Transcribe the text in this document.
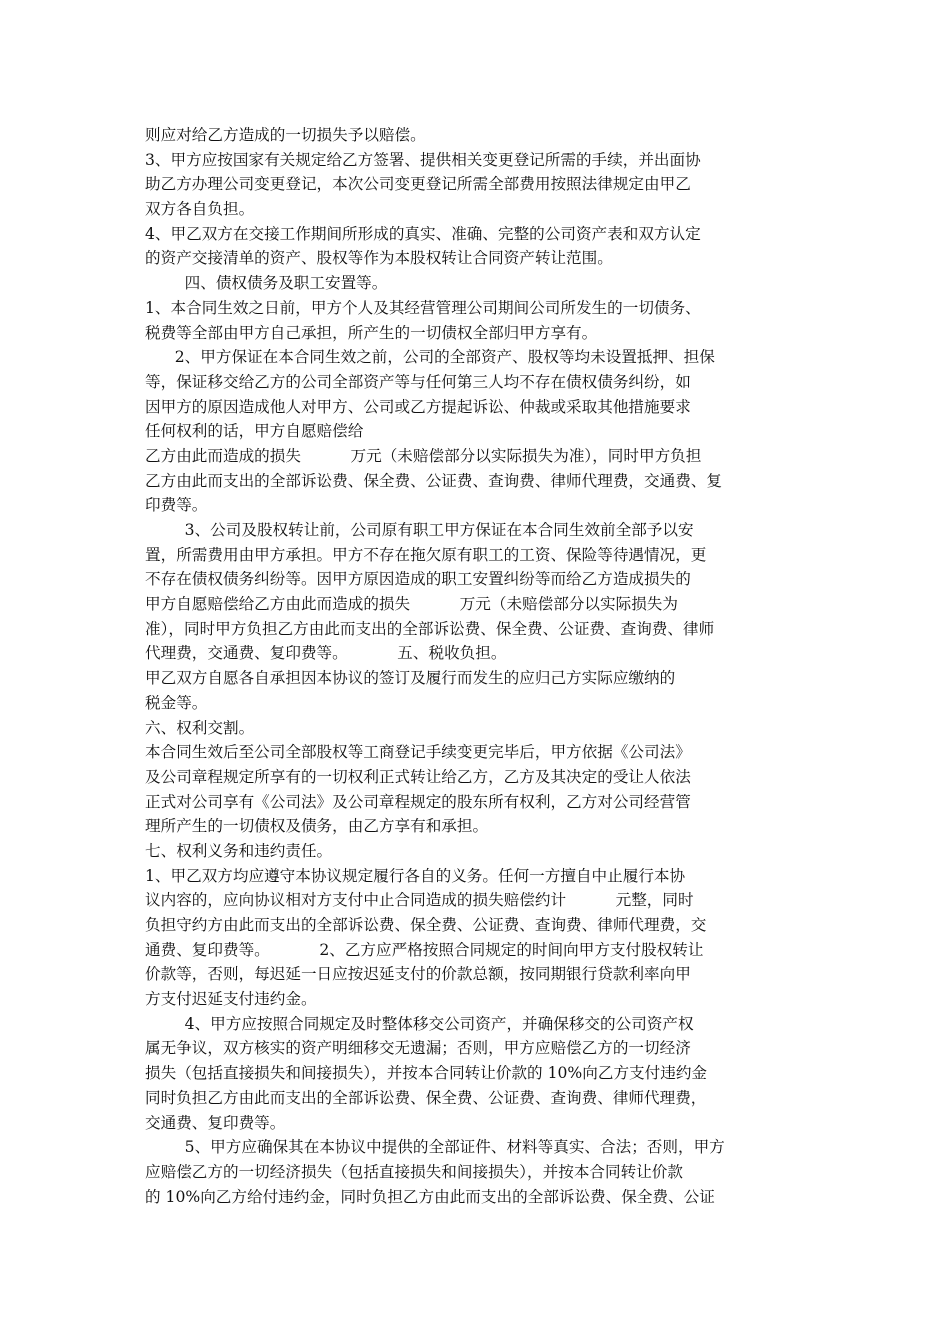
则应对给乙方造成的一切损失予以赔偿。
3、甲方应按国家有关规定给乙方签署、提供相关变更登记所需的手续，并出面协
助乙方办理公司变更登记，本次公司变更登记所需全部费用按照法律规定由甲乙
双方各自负担。
4、甲乙双方在交接工作期间所形成的真实、准确、完整的公司资产表和双方认定
的资产交接清单的资产、股权等作为本股权转让合同资产转让范围。
四、债权债务及职工安置等。
1、本合同生效之日前，甲方个人及其经营管理公司期间公司所发生的一切债务、
税费等全部由甲方自己承担，所产生的一切债权全部归甲方享有。
2、甲方保证在本合同生效之前，公司的全部资产、股权等均未设置抵押、担保
等，保证移交给乙方的公司全部资产等与任何第三人均不存在债权债务纠纷，如
因甲方的原因造成他人对甲方、公司或乙方提起诉讼、仲裁或采取其他措施要求
任何权利的话，甲方自愿赔偿给
乙方由此而造成的损失          万元（未赔偿部分以实际损失为准），同时甲方负担
乙方由此而支出的全部诉讼费、保全费、公证费、查询费、律师代理费，交通费、复
印费等。
3、公司及股权转让前，公司原有职工甲方保证在本合同生效前全部予以安
置，所需费用由甲方承担。甲方不存在拖欠原有职工的工资、保险等待遇情况，更
不存在债权债务纠纷等。因甲方原因造成的职工安置纠纷等而给乙方造成损失的
甲方自愿赔偿给乙方由此而造成的损失          万元（未赔偿部分以实际损失为
准），同时甲方负担乙方由此而支出的全部诉讼费、保全费、公证费、查询费、律师
代理费，交通费、复印费等。          五、税收负担。
甲乙双方自愿各自承担因本协议的签订及履行而发生的应归己方实际应缴纳的
税金等。
六、权利交割。
本合同生效后至公司全部股权等工商登记手续变更完毕后，甲方依据《公司法》
及公司章程规定所享有的一切权利正式转让给乙方，乙方及其决定的受让人依法
正式对公司享有《公司法》及公司章程规定的股东所有权利，乙方对公司经营管
理所产生的一切债权及债务，由乙方享有和承担。
七、权利义务和违约责任。
1、甲乙双方均应遵守本协议规定履行各自的义务。任何一方擅自中止履行本协
议内容的，应向协议相对方支付中止合同造成的损失赔偿约计          元整，同时
负担守约方由此而支出的全部诉讼费、保全费、公证费、查询费、律师代理费，交
通费、复印费等。          2、乙方应严格按照合同规定的时间向甲方支付股权转让
价款等，否则，每迟延一日应按迟延支付的价款总额，按同期银行贷款利率向甲
方支付迟延支付违约金。
4、甲方应按照合同规定及时整体移交公司资产，并确保移交的公司资产权
属无争议，双方核实的资产明细移交无遗漏；否则，甲方应赔偿乙方的一切经济
损失（包括直接损失和间接损失），并按本合同转让价款的 10%向乙方支付违约金
同时负担乙方由此而支出的全部诉讼费、保全费、公证费、查询费、律师代理费，
交通费、复印费等。
5、甲方应确保其在本协议中提供的全部证件、材料等真实、合法；否则，甲方
应赔偿乙方的一切经济损失（包括直接损失和间接损失），并按本合同转让价款
的 10%向乙方给付违约金，同时负担乙方由此而支出的全部诉讼费、保全费、公证
